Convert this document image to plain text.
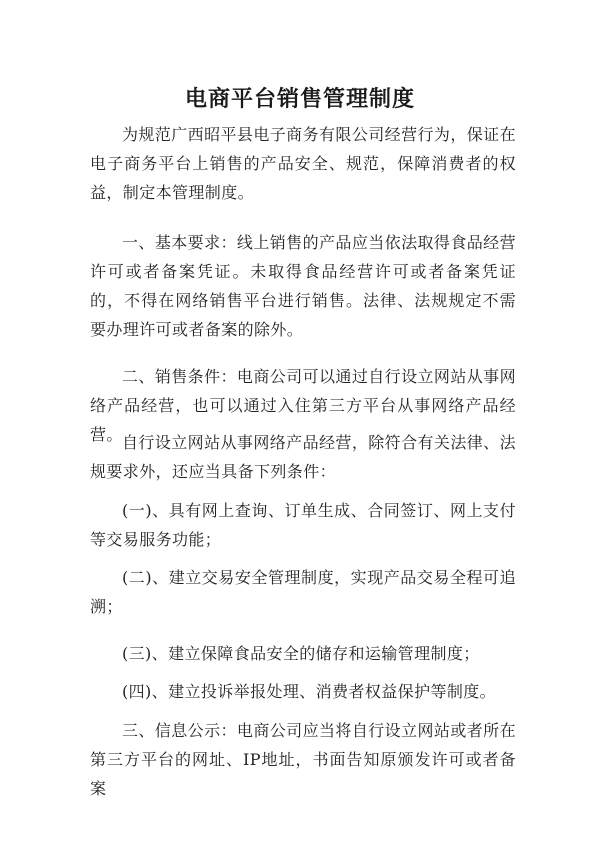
电商平台销售管理制度

为规范广西昭平县电子商务有限公司经营行为，保证在电子商务平台上销售的产品安全、规范，保障消费者的权益，制定本管理制度。

一、基本要求：线上销售的产品应当依法取得食品经营许可或者备案凭证。未取得食品经营许可或者备案凭证的，不得在网络销售平台进行销售。法律、法规规定不需要办理许可或者备案的除外。

二、销售条件：电商公司可以通过自行设立网站从事网络产品经营，也可以通过入住第三方平台从事网络产品经营。 自行设立网站从事网络产品经营，除符合有关法律、法规要求外，还应当具备下列条件：

(一)、具有网上查询、订单生成、合同签订、网上支付等交易服务功能；

(二)、建立交易安全管理制度，实现产品交易全程可追溯；

(三)、建立保障食品安全的储存和运输管理制度；

(四)、建立投诉举报处理、消费者权益保护等制度。

三、信息公示：电商公司应当将自行设立网站或者所在第三方平台的网址、IP地址，书面告知原颁发许可或者备案
